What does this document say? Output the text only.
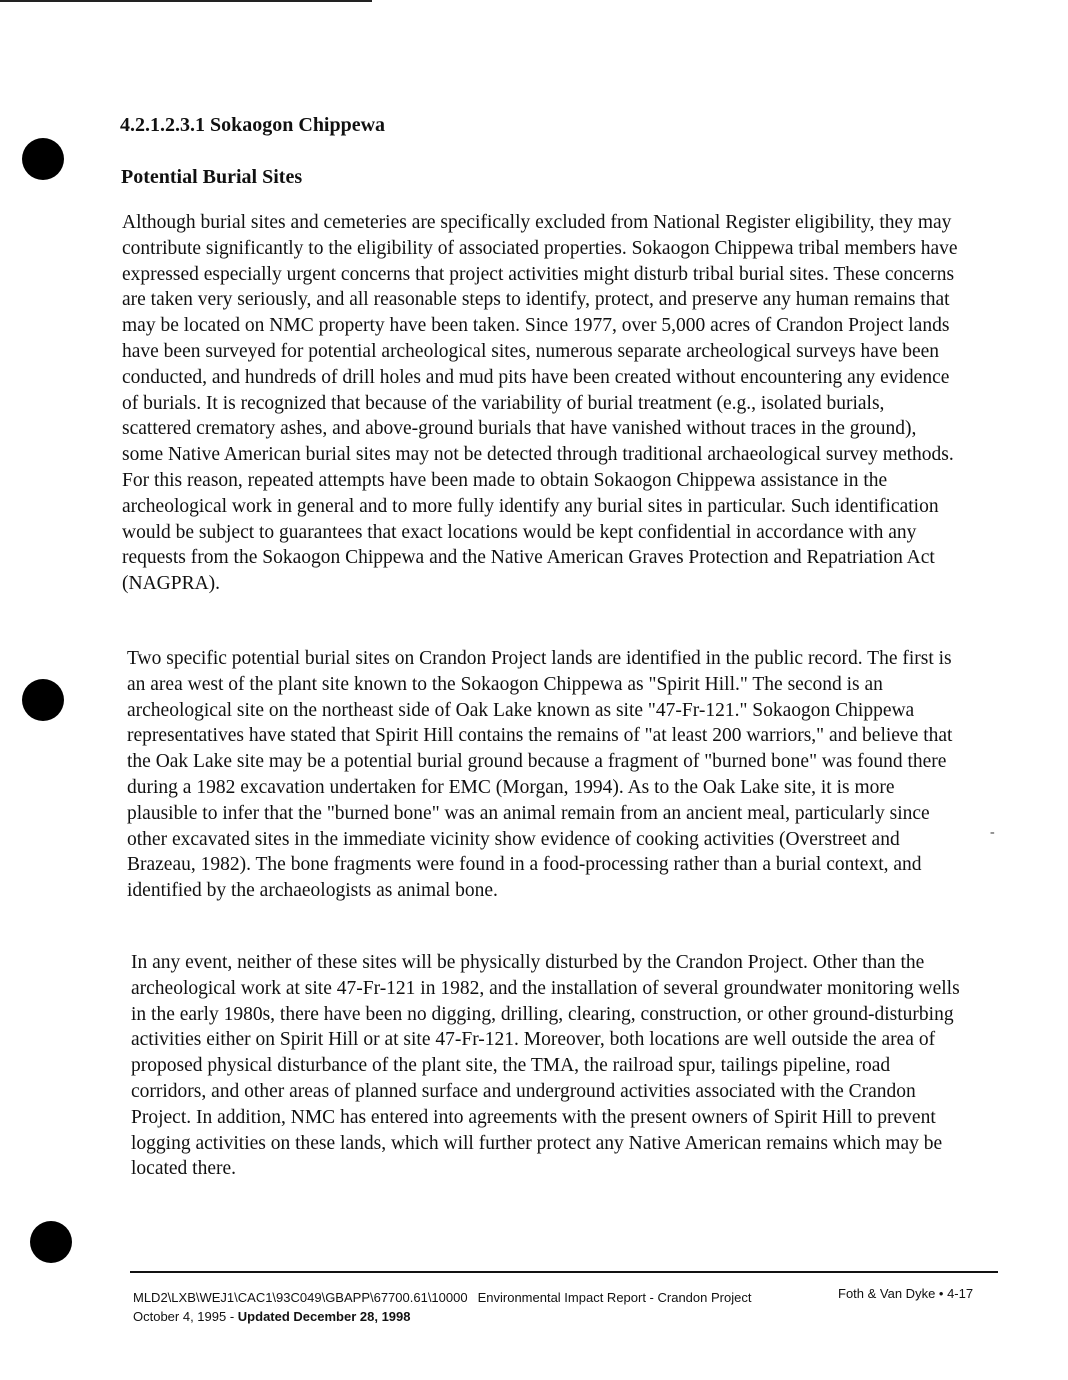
4.2.1.2.3.1 Sokaogon Chippewa
Potential Burial Sites

Although burial sites and cemeteries are specifically excluded from National Register eligibility, they may contribute significantly to the eligibility of associated properties. Sokaogon Chippewa tribal members have expressed especially urgent concerns that project activities might disturb tribal burial sites. These concerns are taken very seriously, and all reasonable steps to identify, protect, and preserve any human remains that may be located on NMC property have been taken. Since 1977, over 5,000 acres of Crandon Project lands have been surveyed for potential archeological sites, numerous separate archeological surveys have been conducted, and hundreds of drill holes and mud pits have been created without encountering any evidence of burials. It is recognized that because of the variability of burial treatment (e.g., isolated burials, scattered crematory ashes, and above-ground burials that have vanished without traces in the ground), some Native American burial sites may not be detected through traditional archaeological survey methods. For this reason, repeated attempts have been made to obtain Sokaogon Chippewa assistance in the archeological work in general and to more fully identify any burial sites in particular. Such identification would be subject to guarantees that exact locations would be kept confidential in accordance with any requests from the Sokaogon Chippewa and the Native American Graves Protection and Repatriation Act (NAGPRA).

Two specific potential burial sites on Crandon Project lands are identified in the public record. The first is an area west of the plant site known to the Sokaogon Chippewa as "Spirit Hill." The second is an archeological site on the northeast side of Oak Lake known as site "47-Fr-121." Sokaogon Chippewa representatives have stated that Spirit Hill contains the remains of "at least 200 warriors," and believe that the Oak Lake site may be a potential burial ground because a fragment of "burned bone" was found there during a 1982 excavation undertaken for EMC (Morgan, 1994). As to the Oak Lake site, it is more plausible to infer that the "burned bone" was an animal remain from an ancient meal, particularly since other excavated sites in the immediate vicinity show evidence of cooking activities (Overstreet and Brazeau, 1982). The bone fragments were found in a food-processing rather than a burial context, and identified by the archaeologists as animal bone.

In any event, neither of these sites will be physically disturbed by the Crandon Project. Other than the archeological work at site 47-Fr-121 in 1982, and the installation of several groundwater monitoring wells in the early 1980s, there have been no digging, drilling, clearing, construction, or other ground-disturbing activities either on Spirit Hill or at site 47-Fr-121. Moreover, both locations are well outside the area of proposed physical disturbance of the plant site, the TMA, the railroad spur, tailings pipeline, road corridors, and other areas of planned surface and underground activities associated with the Crandon Project. In addition, NMC has entered into agreements with the present owners of Spirit Hill to prevent logging activities on these lands, which will further protect any Native American remains which may be located there.

-
MLD2\LXB\WEJ1\CAC1\93C049\GBAPP\67700.61\10000 Environmental Impact Report - Crandon Project
October 4, 1995 - Updated December 28, 1998
Foth & Van Dyke • 4-17
